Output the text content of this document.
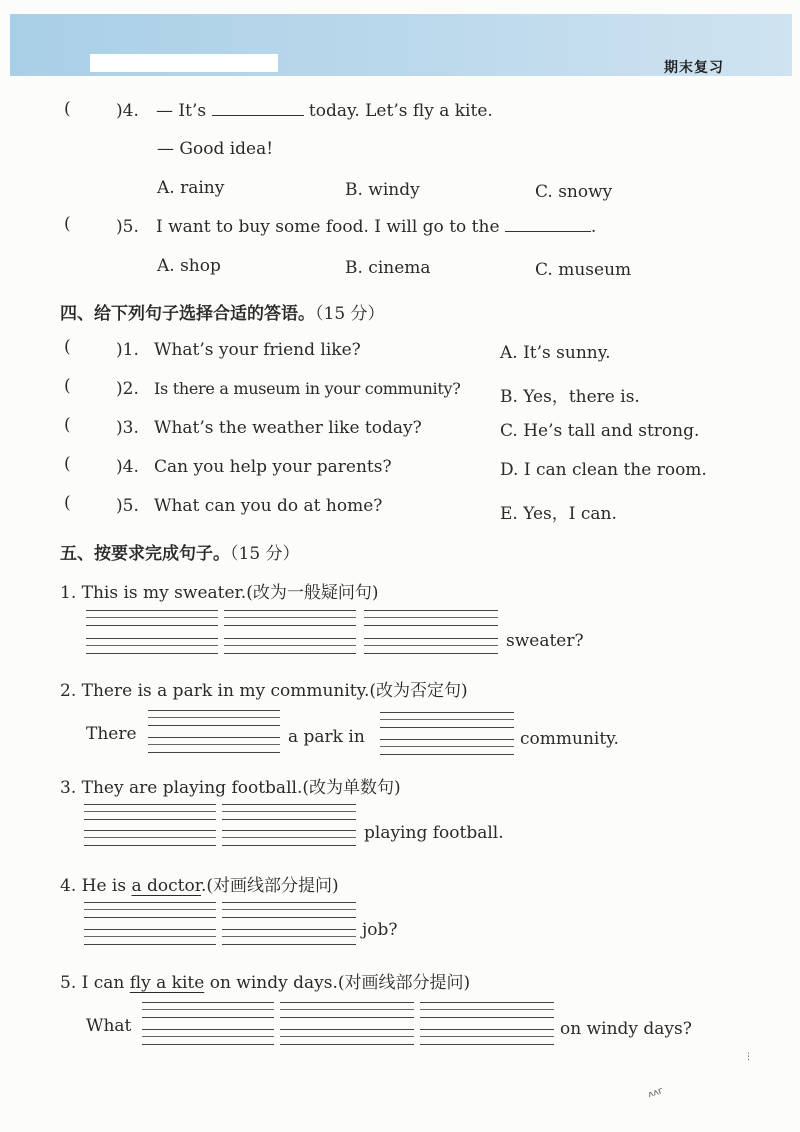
期末复习
(	)4. — It’s	today. Let’s fly a kite.
— Good idea!
A. rainy	B. windy	C. snowy
(	)5. I want to buy some food. I will go to the	.
A. shop	B. cinema	C. museum
四、给下列句子选择合适的答语。（15 分）
(	)1. What’s your friend like?	A. It’s sunny.
(	)2. Is there a museum in your community? B. Yes，there is.
(	)3. What’s the weather like today?	C. He’s tall and strong.
(	)4. Can you help your parents?	D. I can clean the room.
(	)5. What can you do at home?	E. Yes，I can.
五、按要求完成句子。（15 分）
1. This is my sweater.(改为一般疑问句)
sweater?
2. There is a park in my community.(改为否定句)
There	a park in	community.
3. They are playing football.(改为单数句)
playing football.
4. He is a doctor.(对画线部分提问)
job?
5. I can fly a kite on windy days.(对画线部分提问)
What	on windy days?
ᴧᴧᴦ
⋮
